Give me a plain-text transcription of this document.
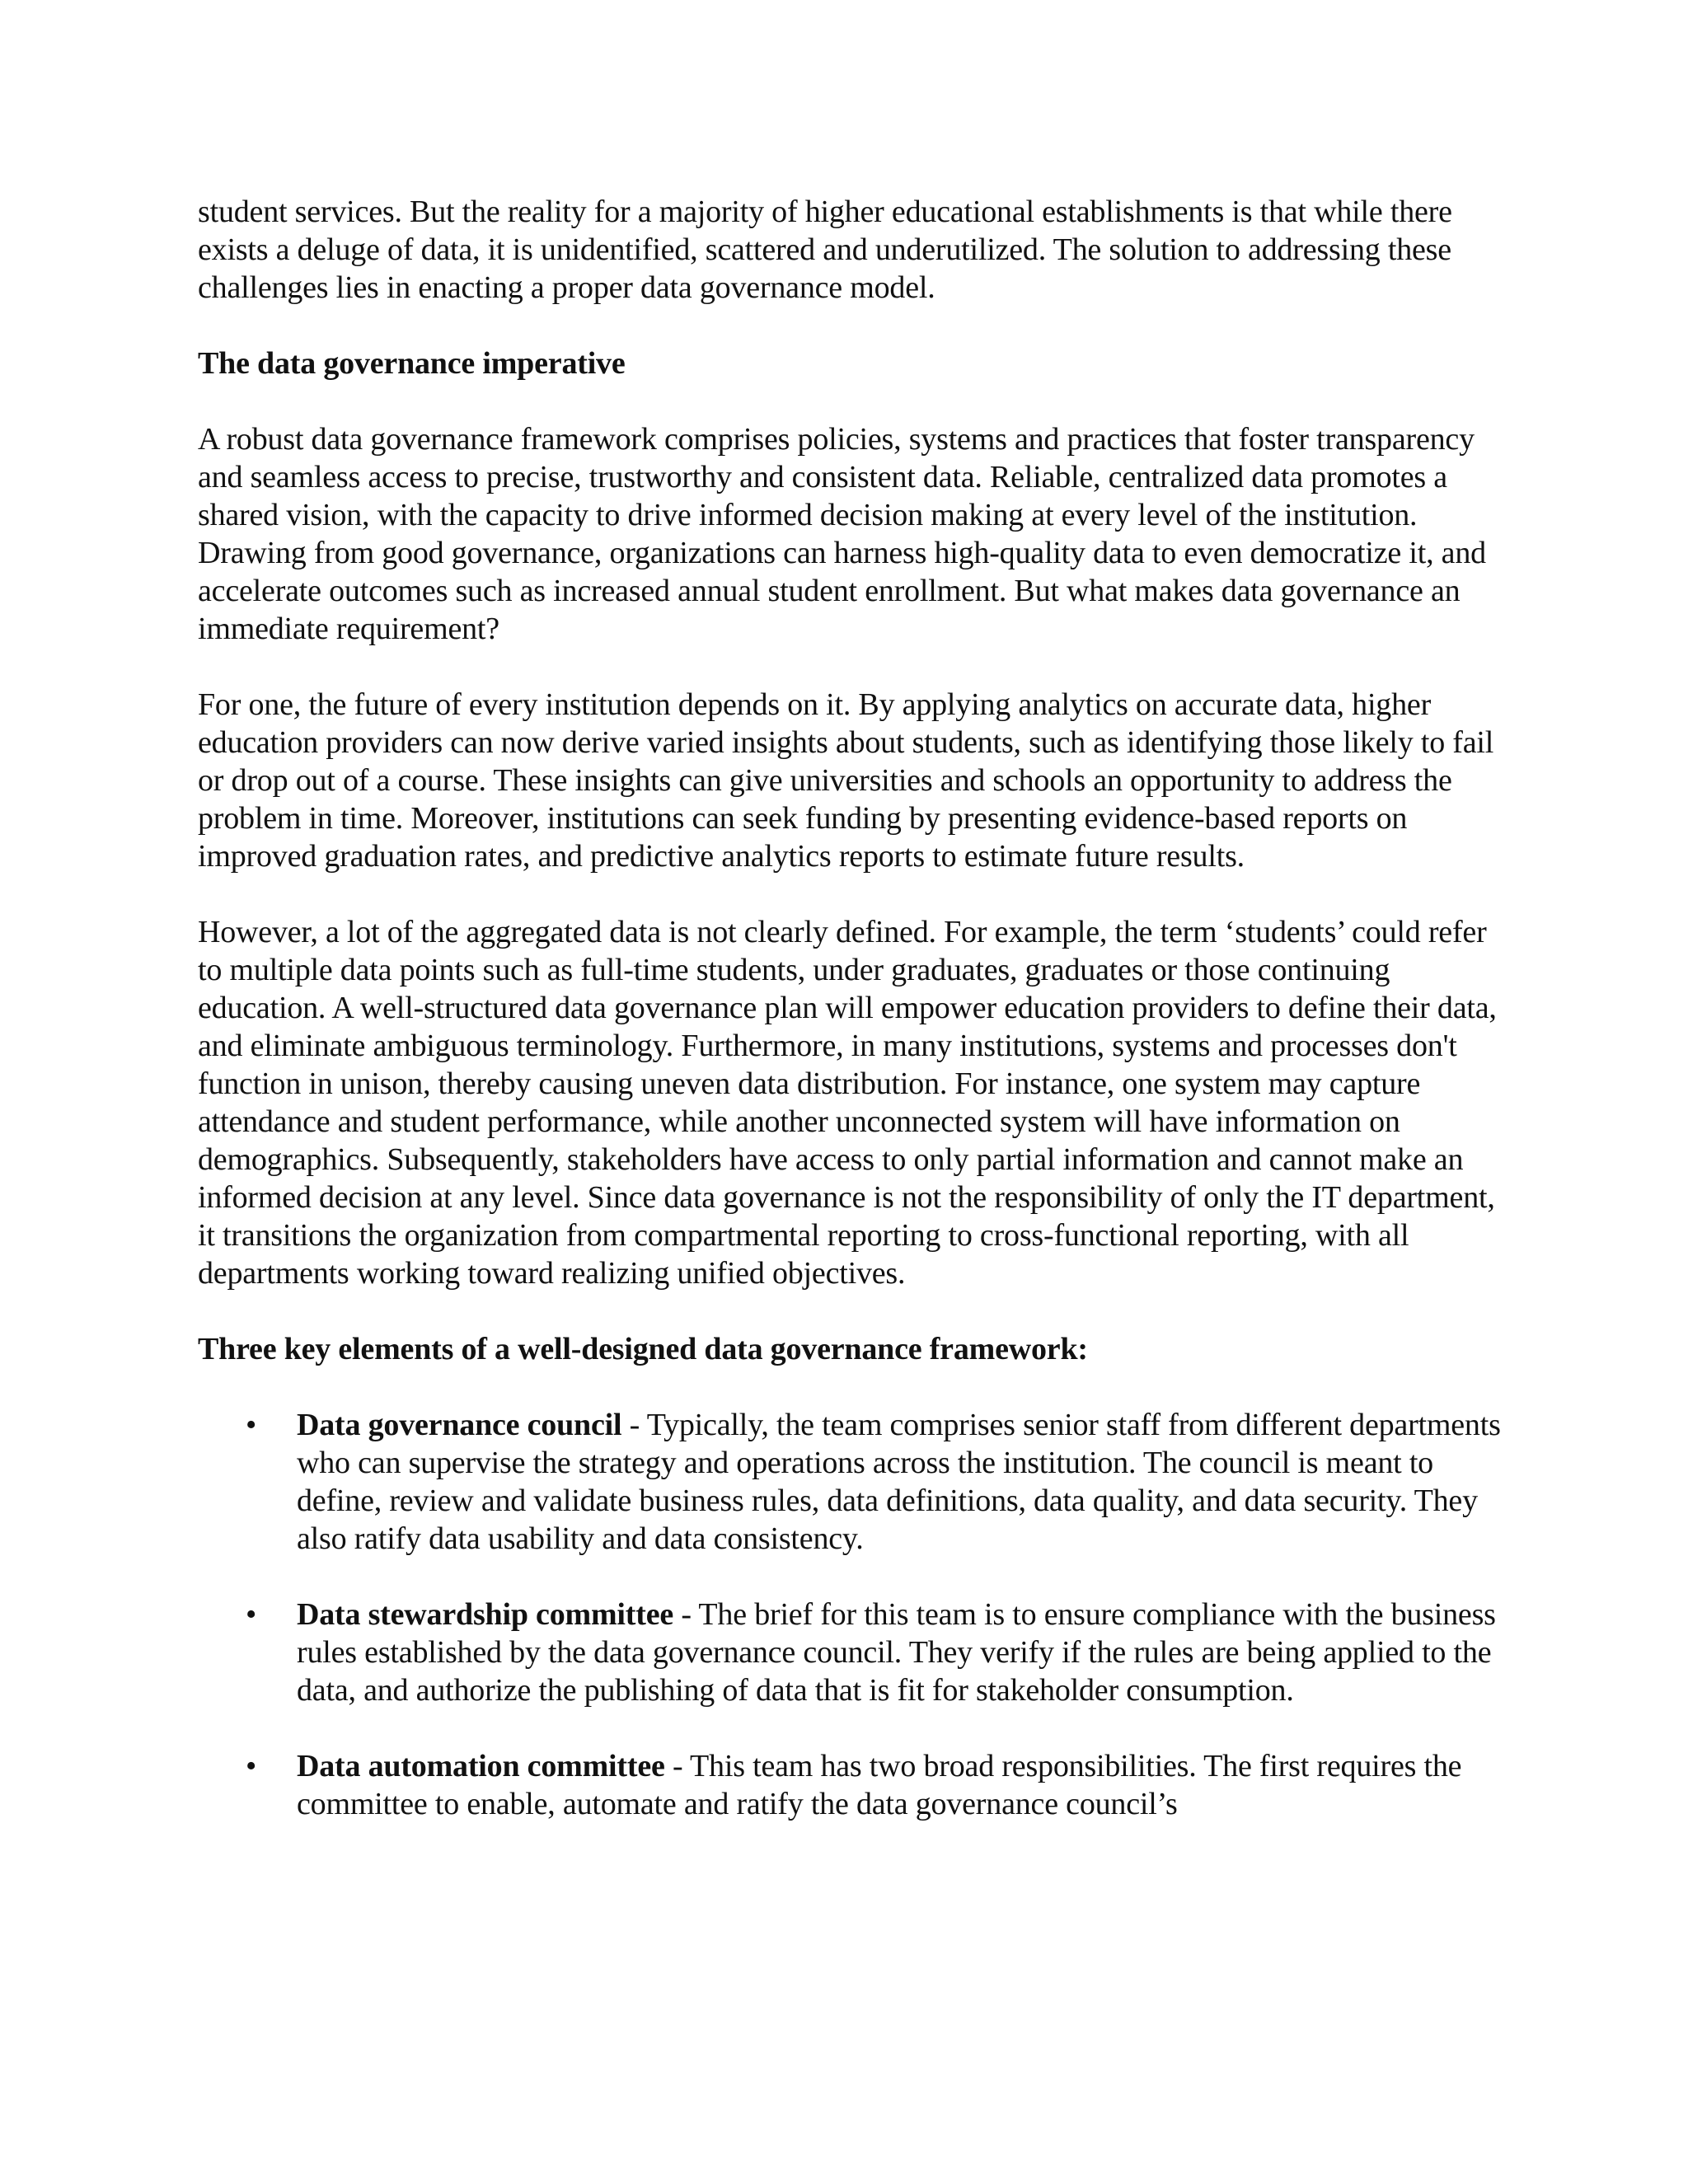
student services. But the reality for a majority of higher educational establishments is that while there exists a deluge of data, it is unidentified, scattered and underutilized. The solution to addressing these challenges lies in enacting a proper data governance model.

The data governance imperative

A robust data governance framework comprises policies, systems and practices that foster transparency and seamless access to precise, trustworthy and consistent data. Reliable, centralized data promotes a shared vision, with the capacity to drive informed decision making at every level of the institution. Drawing from good governance, organizations can harness high-quality data to even democratize it, and accelerate outcomes such as increased annual student enrollment. But what makes data governance an immediate requirement?

For one, the future of every institution depends on it. By applying analytics on accurate data, higher education providers can now derive varied insights about students, such as identifying those likely to fail or drop out of a course. These insights can give universities and schools an opportunity to address the problem in time. Moreover, institutions can seek funding by presenting evidence-based reports on improved graduation rates, and predictive analytics reports to estimate future results.

However, a lot of the aggregated data is not clearly defined. For example, the term ‘students’ could refer to multiple data points such as full-time students, under graduates, graduates or those continuing education. A well-structured data governance plan will empower education providers to define their data, and eliminate ambiguous terminology. Furthermore, in many institutions, systems and processes don't function in unison, thereby causing uneven data distribution. For instance, one system may capture attendance and student performance, while another unconnected system will have information on demographics. Subsequently, stakeholders have access to only partial information and cannot make an informed decision at any level. Since data governance is not the responsibility of only the IT department, it transitions the organization from compartmental reporting to cross-functional reporting, with all departments working toward realizing unified objectives.

Three key elements of a well-designed data governance framework:
• Data governance council - Typically, the team comprises senior staff from different departments who can supervise the strategy and operations across the institution. The council is meant to define, review and validate business rules, data definitions, data quality, and data security. They also ratify data usability and data consistency.
• Data stewardship committee - The brief for this team is to ensure compliance with the business rules established by the data governance council. They verify if the rules are being applied to the data, and authorize the publishing of data that is fit for stakeholder consumption.
• Data automation committee - This team has two broad responsibilities. The first requires the committee to enable, automate and ratify the data governance council’s
